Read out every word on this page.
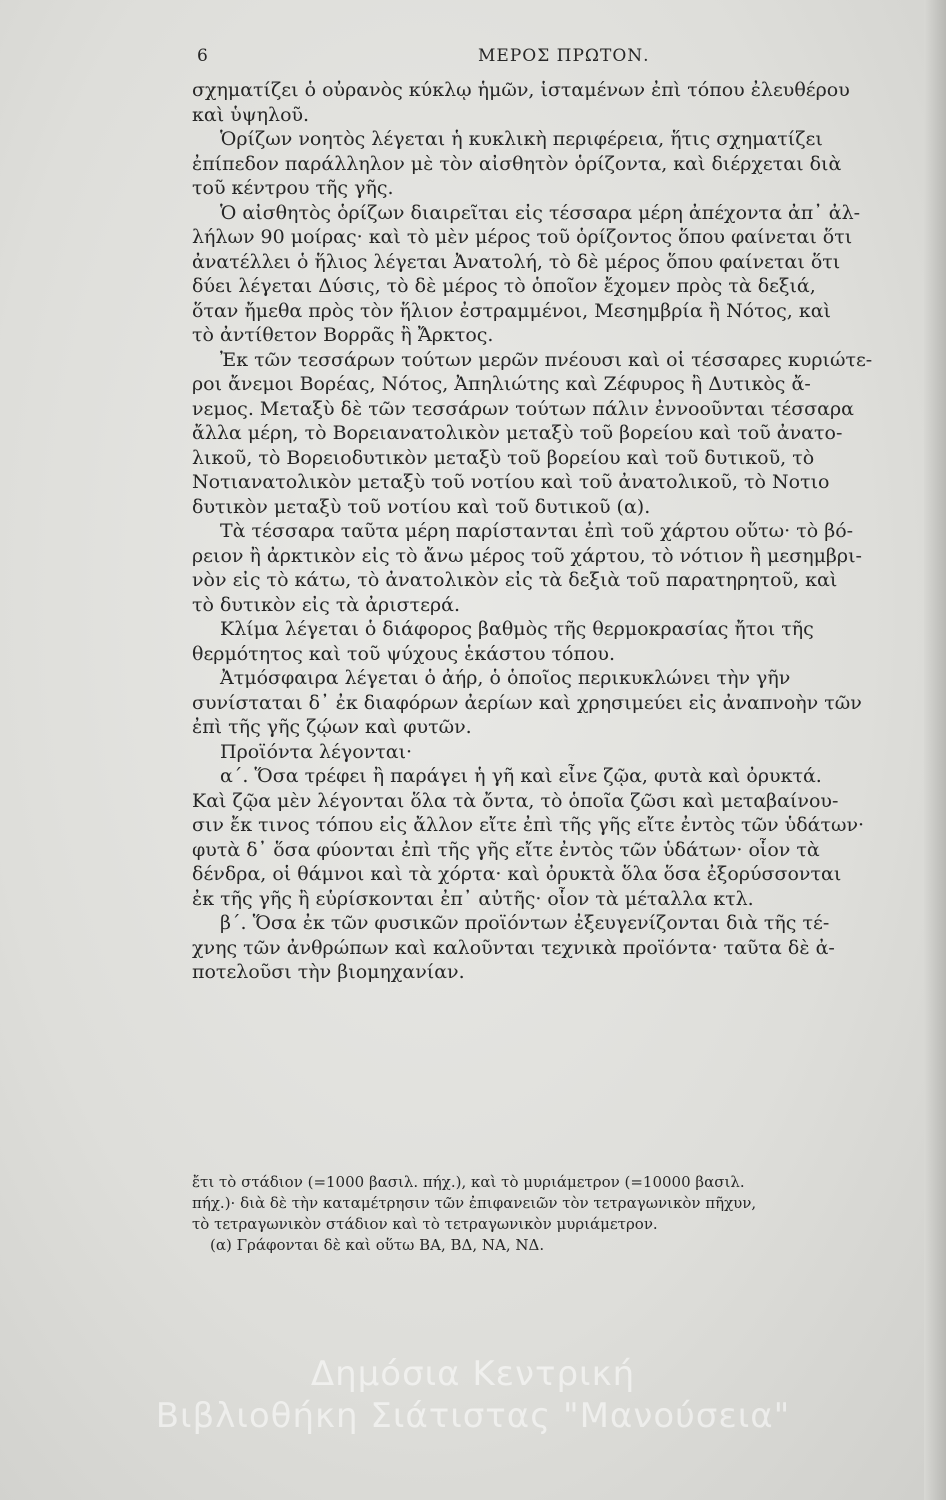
6	ΜΕΡΟΣ ΠΡΩΤΟΝ.
σχηματίζει ὁ οὐρανὸς κύκλῳ ἡμῶν, ἱσταμένων ἐπὶ τόπου ἐλευθέρου
καὶ ὑψηλοῦ.
Ὁρίζων νοητὸς λέγεται ἡ κυκλικὴ περιφέρεια, ἥτις σχηματίζει
ἐπίπεδον παράλληλον μὲ τὸν αἰσθητὸν ὁρίζοντα, καὶ διέρχεται διὰ
τοῦ κέντρου τῆς γῆς.
Ὁ αἰσθητὸς ὁρίζων διαιρεῖται εἰς τέσσαρα μέρη ἀπέχοντα ἀπ᾽ ἀλ-
λήλων 90 μοίρας· καὶ τὸ μὲν μέρος τοῦ ὁρίζοντος ὅπου φαίνεται ὅτι
ἀνατέλλει ὁ ἥλιος λέγεται Ἀνατολή, τὸ δὲ μέρος ὅπου φαίνεται ὅτι
δύει λέγεται Δύσις, τὸ δὲ μέρος τὸ ὁποῖον ἔχομεν πρὸς τὰ δεξιά,
ὅταν ἤμεθα πρὸς τὸν ἥλιον ἐστραμμένοι, Μεσημβρία ἢ Νότος, καὶ
τὸ ἀντίθετον Βορρᾶς ἢ Ἄρκτος.
Ἐκ τῶν τεσσάρων τούτων μερῶν πνέουσι καὶ οἱ τέσσαρες κυριώτε-
ροι ἄνεμοι Βορέας, Νότος, Ἀπηλιώτης καὶ Ζέφυρος ἢ Δυτικὸς ἄ-
νεμος. Μεταξὺ δὲ τῶν τεσσάρων τούτων πάλιν ἐννοοῦνται τέσσαρα
ἄλλα μέρη, τὸ Βορειανατολικὸν μεταξὺ τοῦ βορείου καὶ τοῦ ἀνατο-
λικοῦ, τὸ Βορειοδυτικὸν μεταξὺ τοῦ βορείου καὶ τοῦ δυτικοῦ, τὸ
Νοτιανατολικὸν μεταξὺ τοῦ νοτίου καὶ τοῦ ἀνατολικοῦ, τὸ Νοτιο
δυτικὸν μεταξὺ τοῦ νοτίου καὶ τοῦ δυτικοῦ (α).
Τὰ τέσσαρα ταῦτα μέρη παρίστανται ἐπὶ τοῦ χάρτου οὕτω· τὸ βό-
ρειον ἢ ἀρκτικὸν εἰς τὸ ἄνω μέρος τοῦ χάρτου, τὸ νότιον ἢ μεσημβρι-
νὸν εἰς τὸ κάτω, τὸ ἀνατολικὸν εἰς τὰ δεξιὰ τοῦ παρατηρητοῦ, καὶ
τὸ δυτικὸν εἰς τὰ ἀριστερά.
Κλίμα λέγεται ὁ διάφορος βαθμὸς τῆς θερμοκρασίας ἤτοι τῆς
θερμότητος καὶ τοῦ ψύχους ἑκάστου τόπου.
Ἀτμόσφαιρα λέγεται ὁ ἀήρ, ὁ ὁποῖος περικυκλώνει τὴν γῆν
συνίσταται δ᾽ ἐκ διαφόρων ἀερίων καὶ χρησιμεύει εἰς ἀναπνοὴν τῶν
ἐπὶ τῆς γῆς ζῴων καὶ φυτῶν.
Προϊόντα λέγονται·
α΄. Ὅσα τρέφει ἢ παράγει ἡ γῆ καὶ εἶνε ζῷα, φυτὰ καὶ ὀρυκτά.
Καὶ ζῷα μὲν λέγονται ὅλα τὰ ὄντα, τὸ ὁποῖα ζῶσι καὶ μεταβαίνου-
σιν ἔκ τινος τόπου εἰς ἄλλον εἴτε ἐπὶ τῆς γῆς εἴτε ἐντὸς τῶν ὑδάτων·
φυτὰ δ᾽ ὅσα φύονται ἐπὶ τῆς γῆς εἴτε ἐντὸς τῶν ὑδάτων· οἷον τὰ
δένδρα, οἱ θάμνοι καὶ τὰ χόρτα· καὶ ὀρυκτὰ ὅλα ὅσα ἐξορύσσονται
ἐκ τῆς γῆς ἢ εὑρίσκονται ἐπ᾽ αὐτῆς· οἷον τὰ μέταλλα κτλ.
β΄. Ὅσα ἐκ τῶν φυσικῶν προϊόντων ἐξευγενίζονται διὰ τῆς τέ-
χνης τῶν ἀνθρώπων καὶ καλοῦνται τεχνικὰ προϊόντα· ταῦτα δὲ ἀ-
ποτελοῦσι τὴν βιομηχανίαν.
ἔτι τὸ στάδιον (=1000 βασιλ. πήχ.), καὶ τὸ μυριάμετρον (=10000 βασιλ.
πήχ.)· διὰ δὲ τὴν καταμέτρησιν τῶν ἐπιφανειῶν τὸν τετραγωνικὸν πῆχυν,
τὸ τετραγωνικὸν στάδιον καὶ τὸ τετραγωνικὸν μυριάμετρον.
(α) Γράφονται δὲ καὶ οὕτω ΒΑ, ΒΔ, ΝΑ, ΝΔ.
Δημόσια Κεντρική
Βιβλιοθήκη Σιάτιστας "Μανούσεια"
